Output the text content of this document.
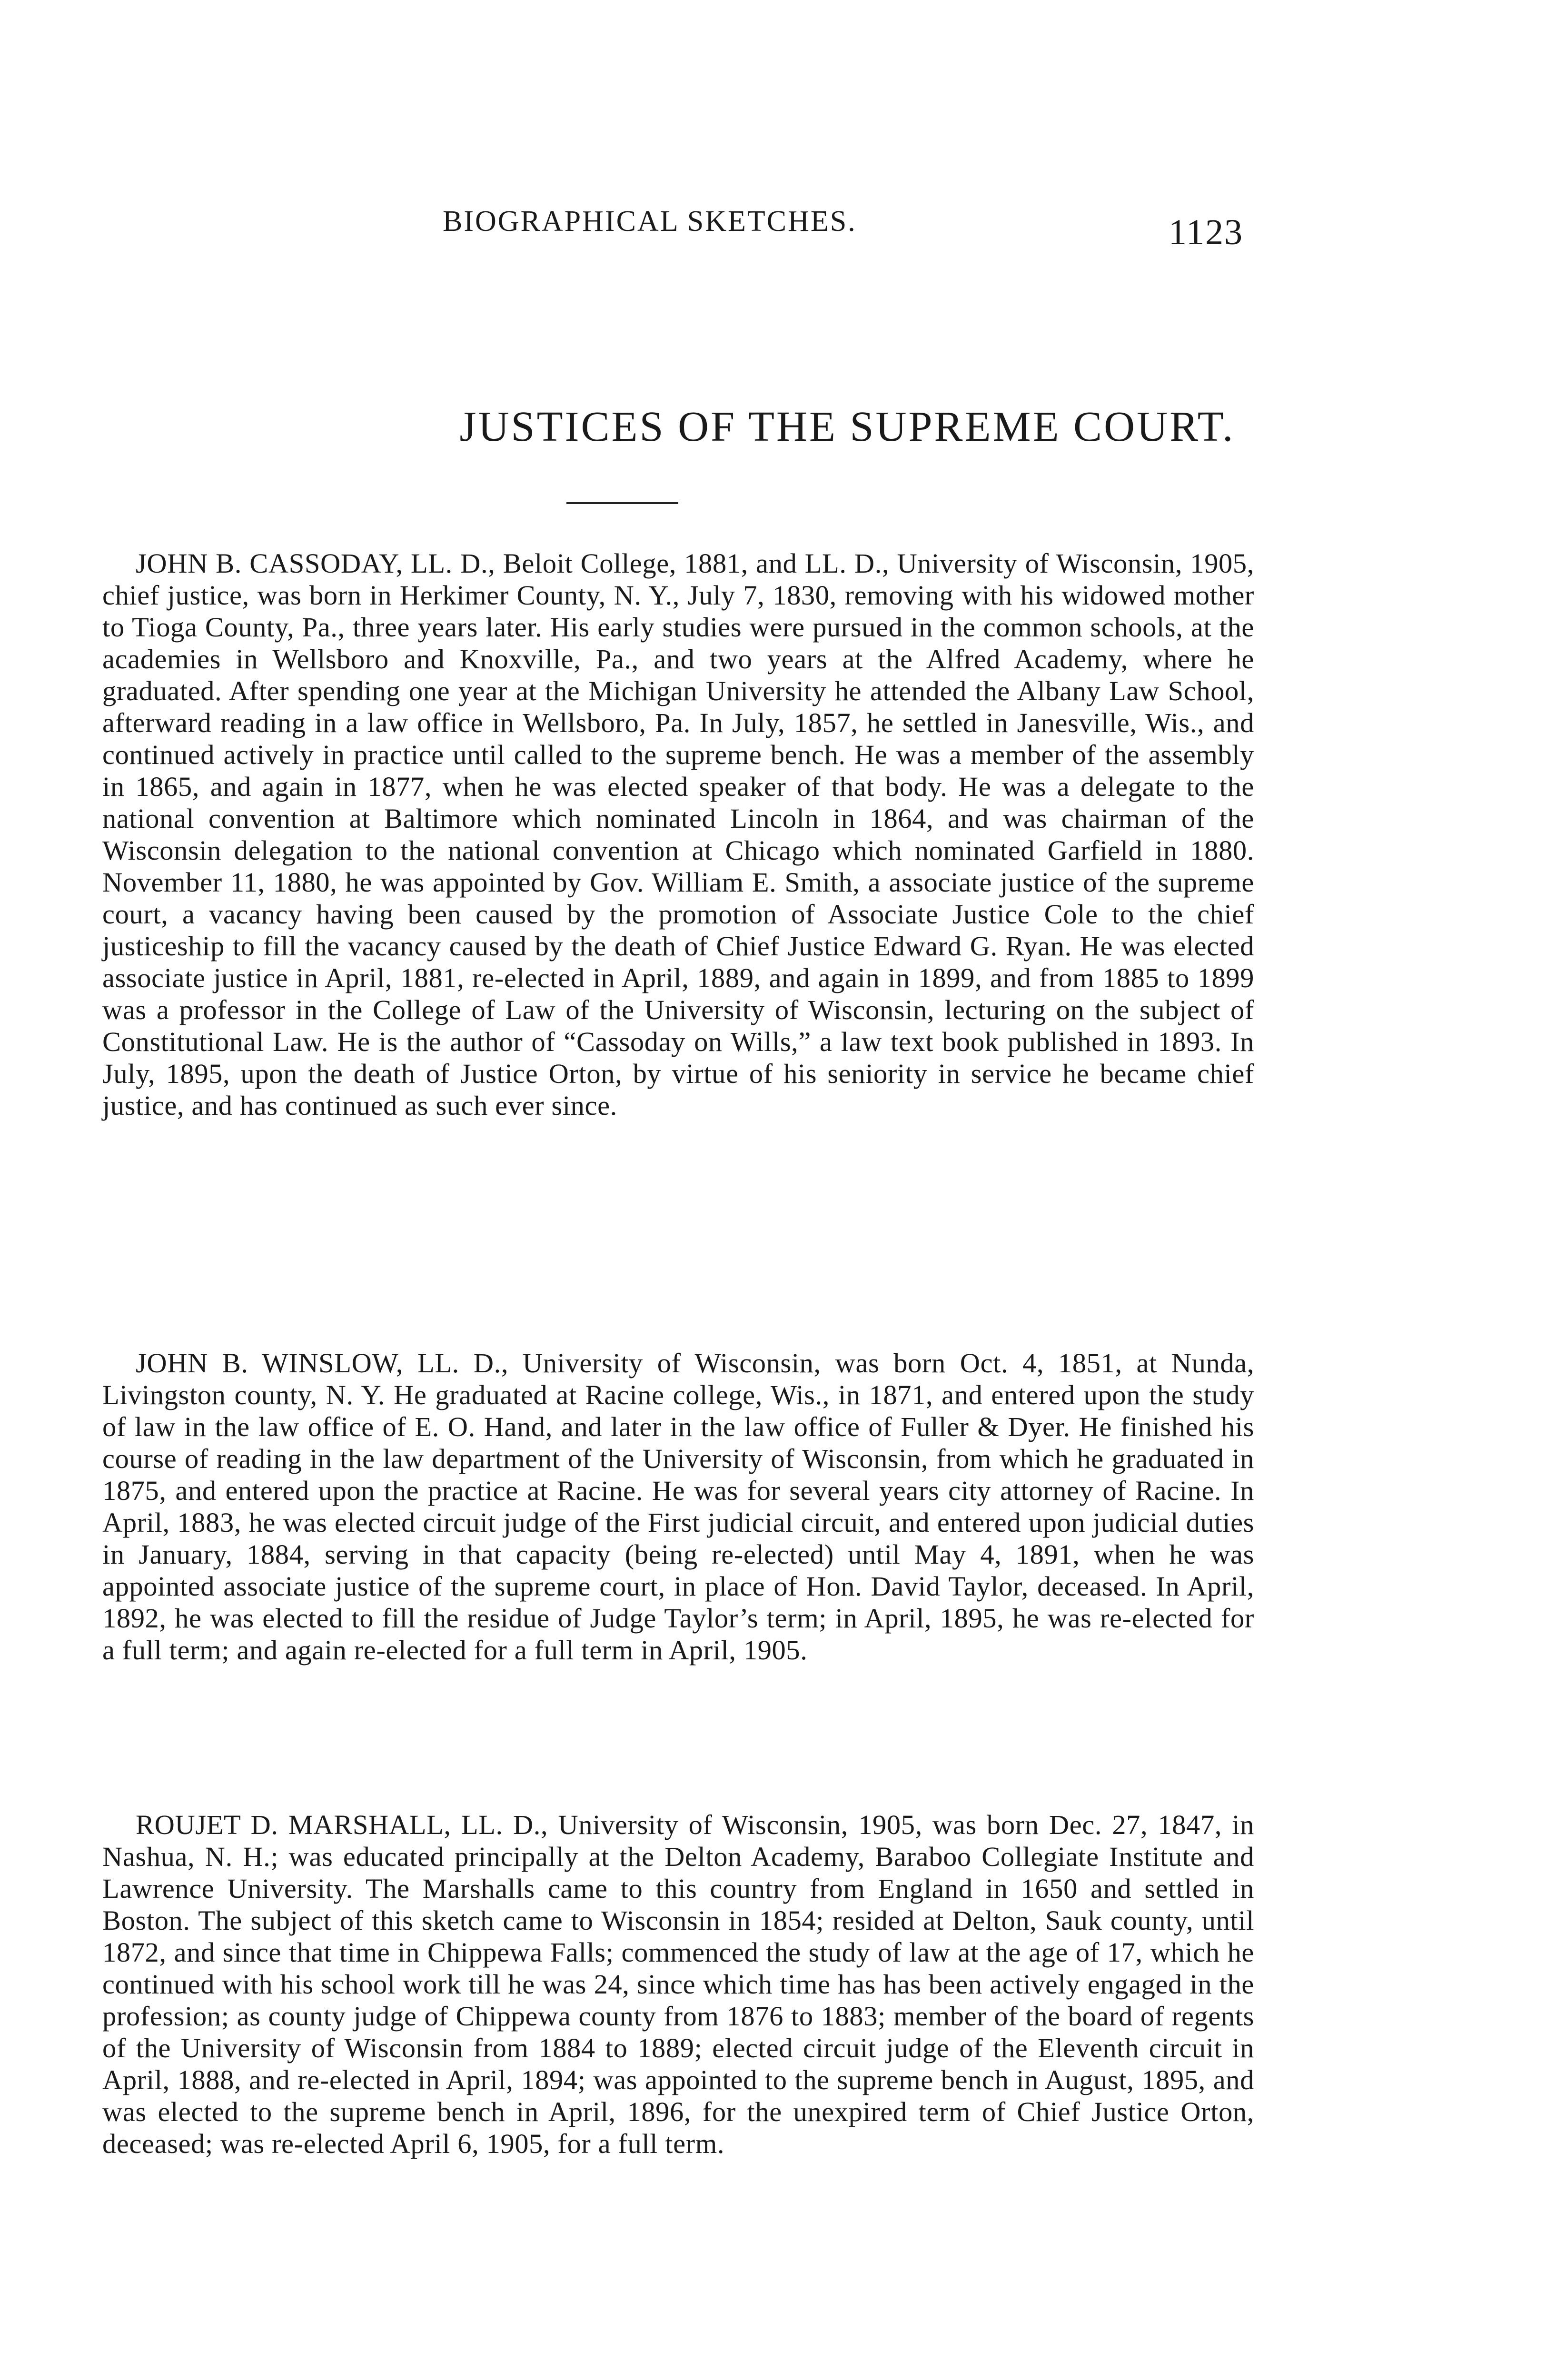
BIOGRAPHICAL SKETCHES.	1123
JUSTICES OF THE SUPREME COURT.

JOHN B. CASSODAY, LL. D., Beloit College, 1881, and LL. D., University of Wisconsin, 1905, chief justice, was born in Herkimer County, N. Y., July 7, 1830, removing with his widowed mother to Tioga County, Pa., three years later. His early studies were pursued in the common schools, at the academies in Wellsboro and Knoxville, Pa., and two years at the Alfred Academy, where he graduated. After spending one year at the Michigan University he attended the Albany Law School, afterward reading in a law office in Wellsboro, Pa. In July, 1857, he settled in Janesville, Wis., and continued actively in practice until called to the supreme bench. He was a member of the assembly in 1865, and again in 1877, when he was elected speaker of that body. He was a delegate to the national convention at Baltimore which nominated Lincoln in 1864, and was chairman of the Wisconsin delegation to the national convention at Chicago which nominated Garfield in 1880. November 11, 1880, he was appointed by Gov. William E. Smith, a associate justice of the supreme court, a vacancy having been caused by the promotion of Associate Justice Cole to the chief justiceship to fill the vacancy caused by the death of Chief Justice Edward G. Ryan. He was elected associate justice in April, 1881, re-elected in April, 1889, and again in 1899, and from 1885 to 1899 was a professor in the College of Law of the University of Wisconsin, lecturing on the subject of Constitutional Law. He is the author of “Cassoday on Wills,” a law text book published in 1893. In July, 1895, upon the death of Justice Orton, by virtue of his seniority in service he became chief justice, and has continued as such ever since.

JOHN B. WINSLOW, LL. D., University of Wisconsin, was born Oct. 4, 1851, at Nunda, Livingston county, N. Y. He graduated at Racine college, Wis., in 1871, and entered upon the study of law in the law office of E. O. Hand, and later in the law office of Fuller & Dyer. He finished his course of reading in the law department of the University of Wisconsin, from which he graduated in 1875, and entered upon the practice at Racine. He was for several years city attorney of Racine. In April, 1883, he was elected circuit judge of the First judicial circuit, and entered upon judicial duties in January, 1884, serving in that capacity (being re-elected) until May 4, 1891, when he was appointed associate justice of the supreme court, in place of Hon. David Taylor, deceased. In April, 1892, he was elected to fill the residue of Judge Taylor’s term; in April, 1895, he was re-elected for a full term; and again re-elected for a full term in April, 1905.

ROUJET D. MARSHALL, LL. D., University of Wisconsin, 1905, was born Dec. 27, 1847, in Nashua, N. H.; was educated principally at the Delton Academy, Baraboo Collegiate Institute and Lawrence University. The Marshalls came to this country from England in 1650 and settled in Boston. The subject of this sketch came to Wisconsin in 1854; resided at Delton, Sauk county, until 1872, and since that time in Chippewa Falls; commenced the study of law at the age of 17, which he continued with his school work till he was 24, since which time has has been actively engaged in the profession; as county judge of Chippewa county from 1876 to 1883; member of the board of regents of the University of Wisconsin from 1884 to 1889; elected circuit judge of the Eleventh circuit in April, 1888, and re-elected in April, 1894; was appointed to the supreme bench in August, 1895, and was elected to the supreme bench in April, 1896, for the unexpired term of Chief Justice Orton, deceased; was re-elected April 6, 1905, for a full term.
